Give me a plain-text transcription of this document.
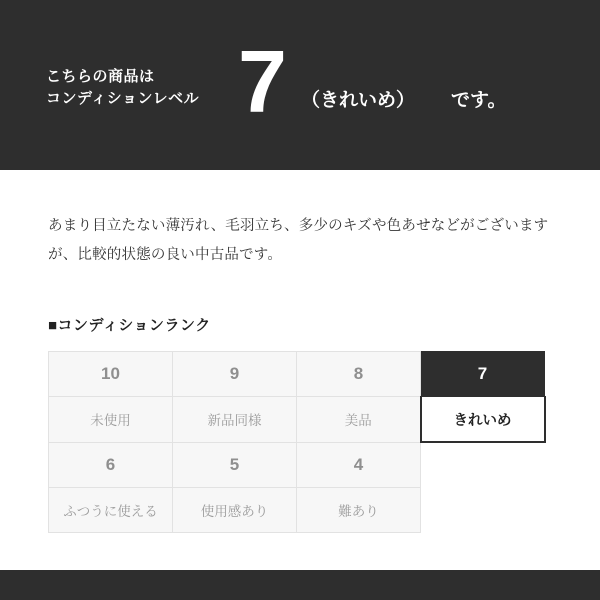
こちらの商品は
コンディションレベル 7 （きれいめ） です。

あまり目立たない薄汚れ、毛羽立ち、多少のキズや色あせなどがございますが、比較的状態の良い中古品です。

■コンディションランク
10	9	8	7
未使用	新品同様	美品	きれいめ
6	5	4	
ふつうに使える	使用感あり	難あり	
